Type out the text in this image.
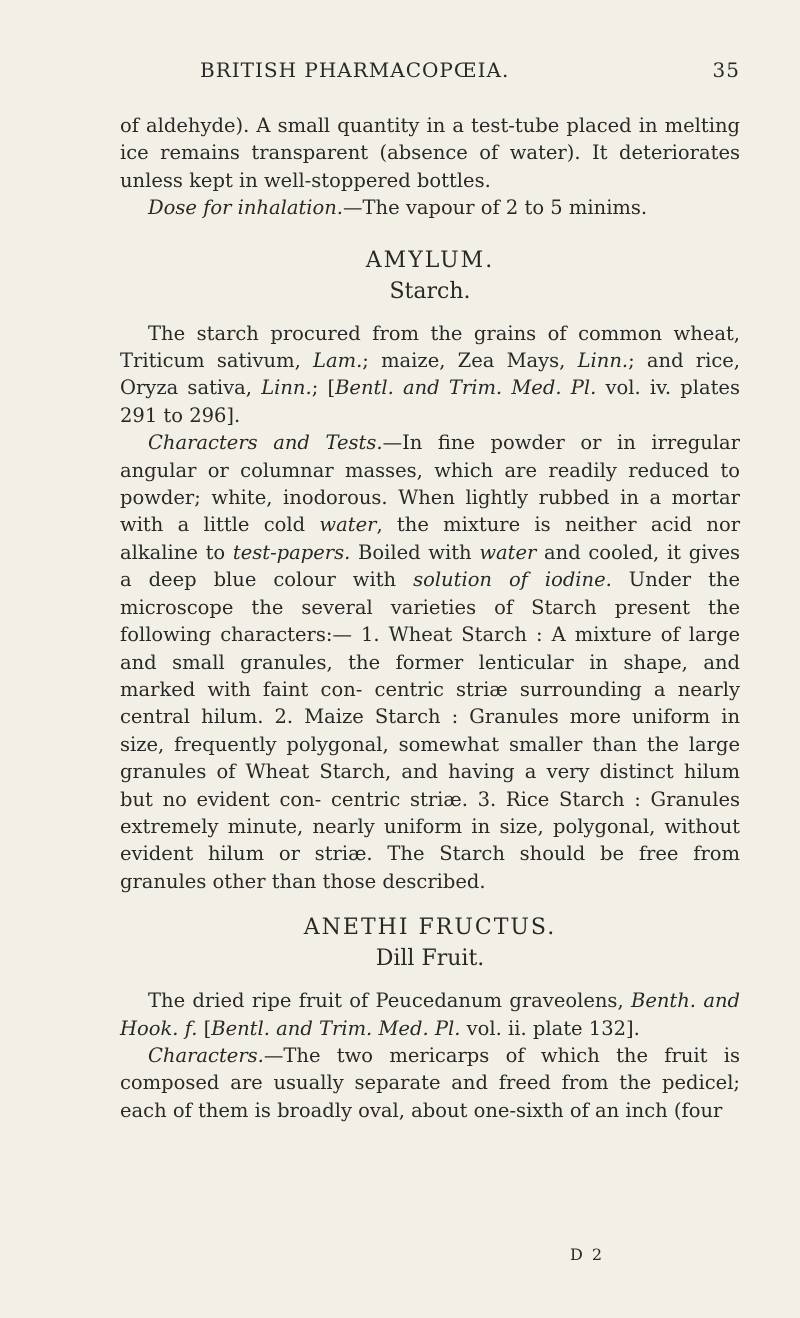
BRITISH PHARMACOPŒIA.	35

of aldehyde). A small quantity in a test-tube placed in melting ice remains transparent (absence of water). It deteriorates unless kept in well-stoppered bottles.

Dose for inhalation.—The vapour of 2 to 5 minims.

AMYLUM.

Starch.

The starch procured from the grains of common wheat, Triticum sativum, Lam.; maize, Zea Mays, Linn.; and rice, Oryza sativa, Linn.; [Bentl. and Trim. Med. Pl. vol. iv. plates 291 to 296].

Characters and Tests.—In fine powder or in irregular angular or columnar masses, which are readily reduced to powder; white, inodorous. When lightly rubbed in a mortar with a little cold water, the mixture is neither acid nor alkaline to test-papers. Boiled with water and cooled, it gives a deep blue colour with solution of iodine. Under the microscope the several varieties of Starch present the following characters:— 1. Wheat Starch : A mixture of large and small granules, the former lenticular in shape, and marked with faint con- centric striæ surrounding a nearly central hilum. 2. Maize Starch : Granules more uniform in size, frequently polygonal, somewhat smaller than the large granules of Wheat Starch, and having a very distinct hilum but no evident con- centric striæ. 3. Rice Starch : Granules extremely minute, nearly uniform in size, polygonal, without evident hilum or striæ. The Starch should be free from granules other than those described.

ANETHI FRUCTUS.

Dill Fruit.

The dried ripe fruit of Peucedanum graveolens, Benth. and Hook. f. [Bentl. and Trim. Med. Pl. vol. ii. plate 132].

Characters.—The two mericarps of which the fruit is composed are usually separate and freed from the pedicel; each of them is broadly oval, about one-sixth of an inch (four

D 2
